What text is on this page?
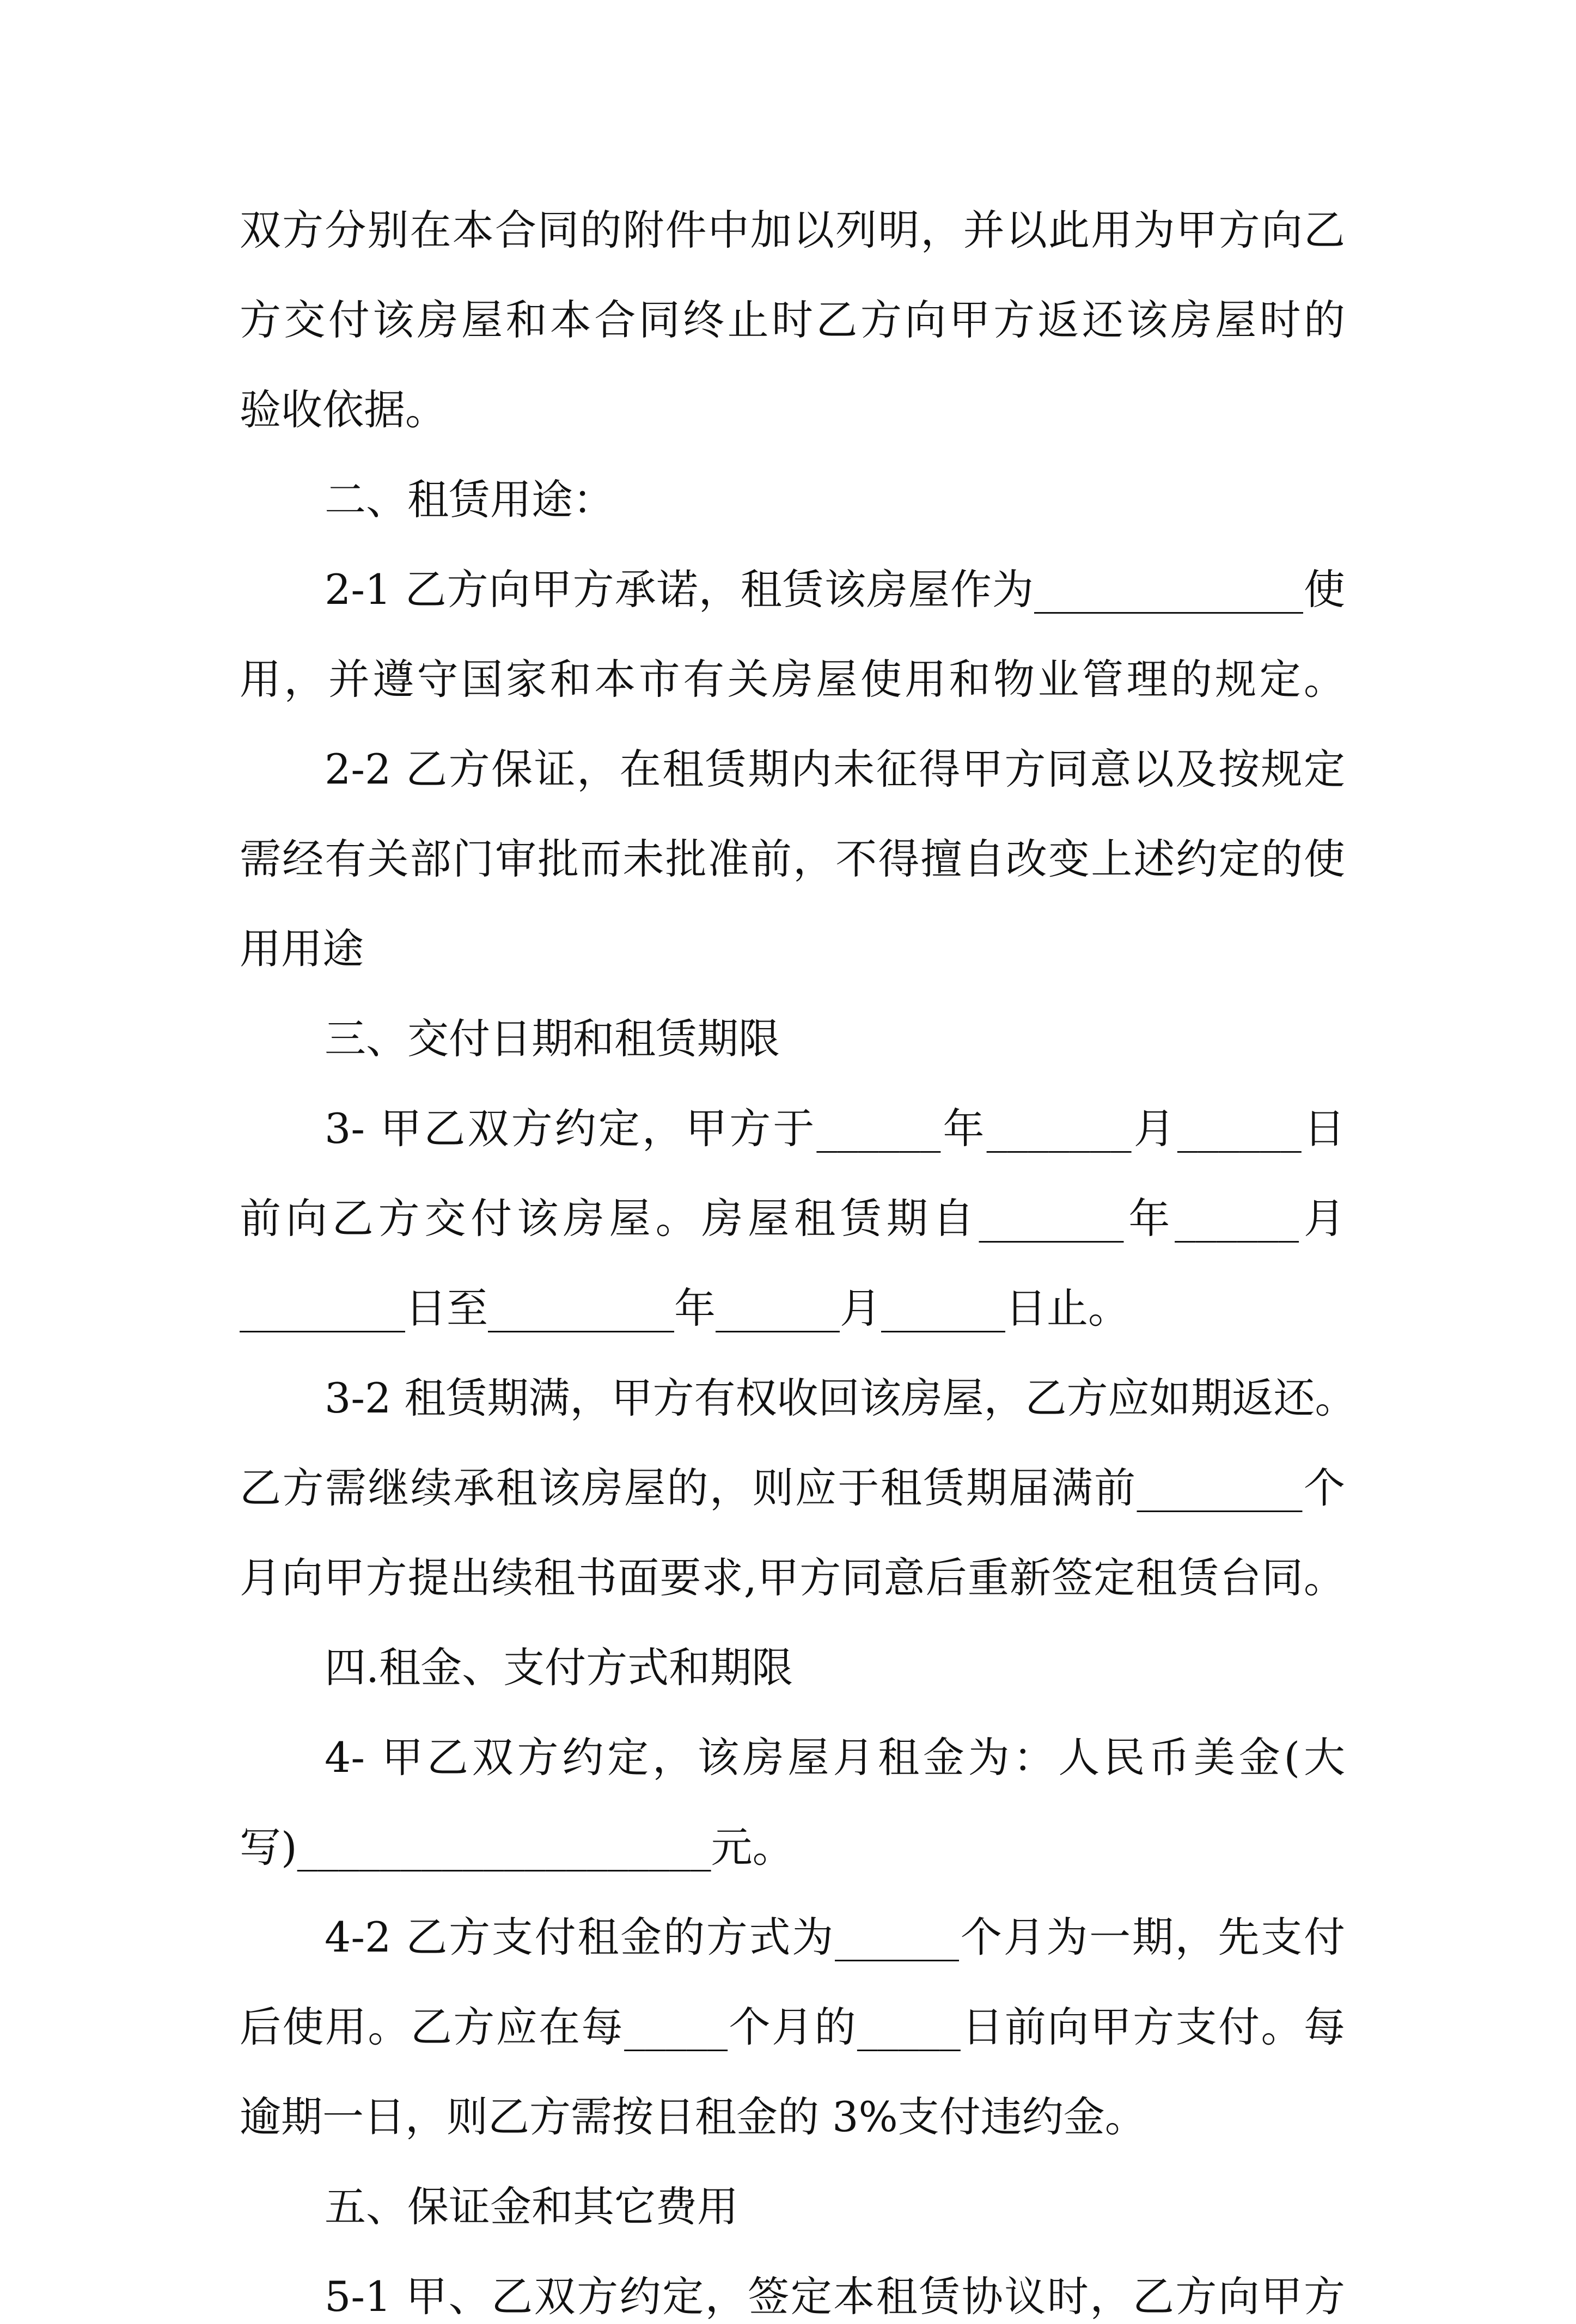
双方分别在本合同的附件中加以列明，并以此用为甲方向乙
方交付该房屋和本合同终止时乙方向甲方返还该房屋时的
验收依据。
二、租赁用途：
2-1 乙方向甲方承诺，租赁该房屋作为_____________使
用，并遵守国家和本市有关房屋使用和物业管理的规定。
2-2 乙方保证，在租赁期内未征得甲方同意以及按规定
需经有关部门审批而未批准前，不得擅自改变上述约定的使
用用途
三、交付日期和租赁期限
3- 甲乙双方约定，甲方于______年_______月______日
前向乙方交付该房屋。房屋租赁期自_______年______月
________日至_________年______月______日止。
3-2 租赁期满，甲方有权收回该房屋，乙方应如期返还。
乙方需继续承租该房屋的，则应于租赁期届满前________个
月向甲方提出续租书面要求,甲方同意后重新签定租赁台同。
四.租金、支付方式和期限
4- 甲乙双方约定，该房屋月租金为：人民币美金(大
写)____________________元。
4-2 乙方支付租金的方式为______个月为一期，先支付
后使用。乙方应在每_____个月的_____日前向甲方支付。每
逾期一日，则乙方需按日租金的 3%支付违约金。
五、保证金和其它费用
5-1 甲、乙双方约定，签定本租赁协议时，乙方向甲方
